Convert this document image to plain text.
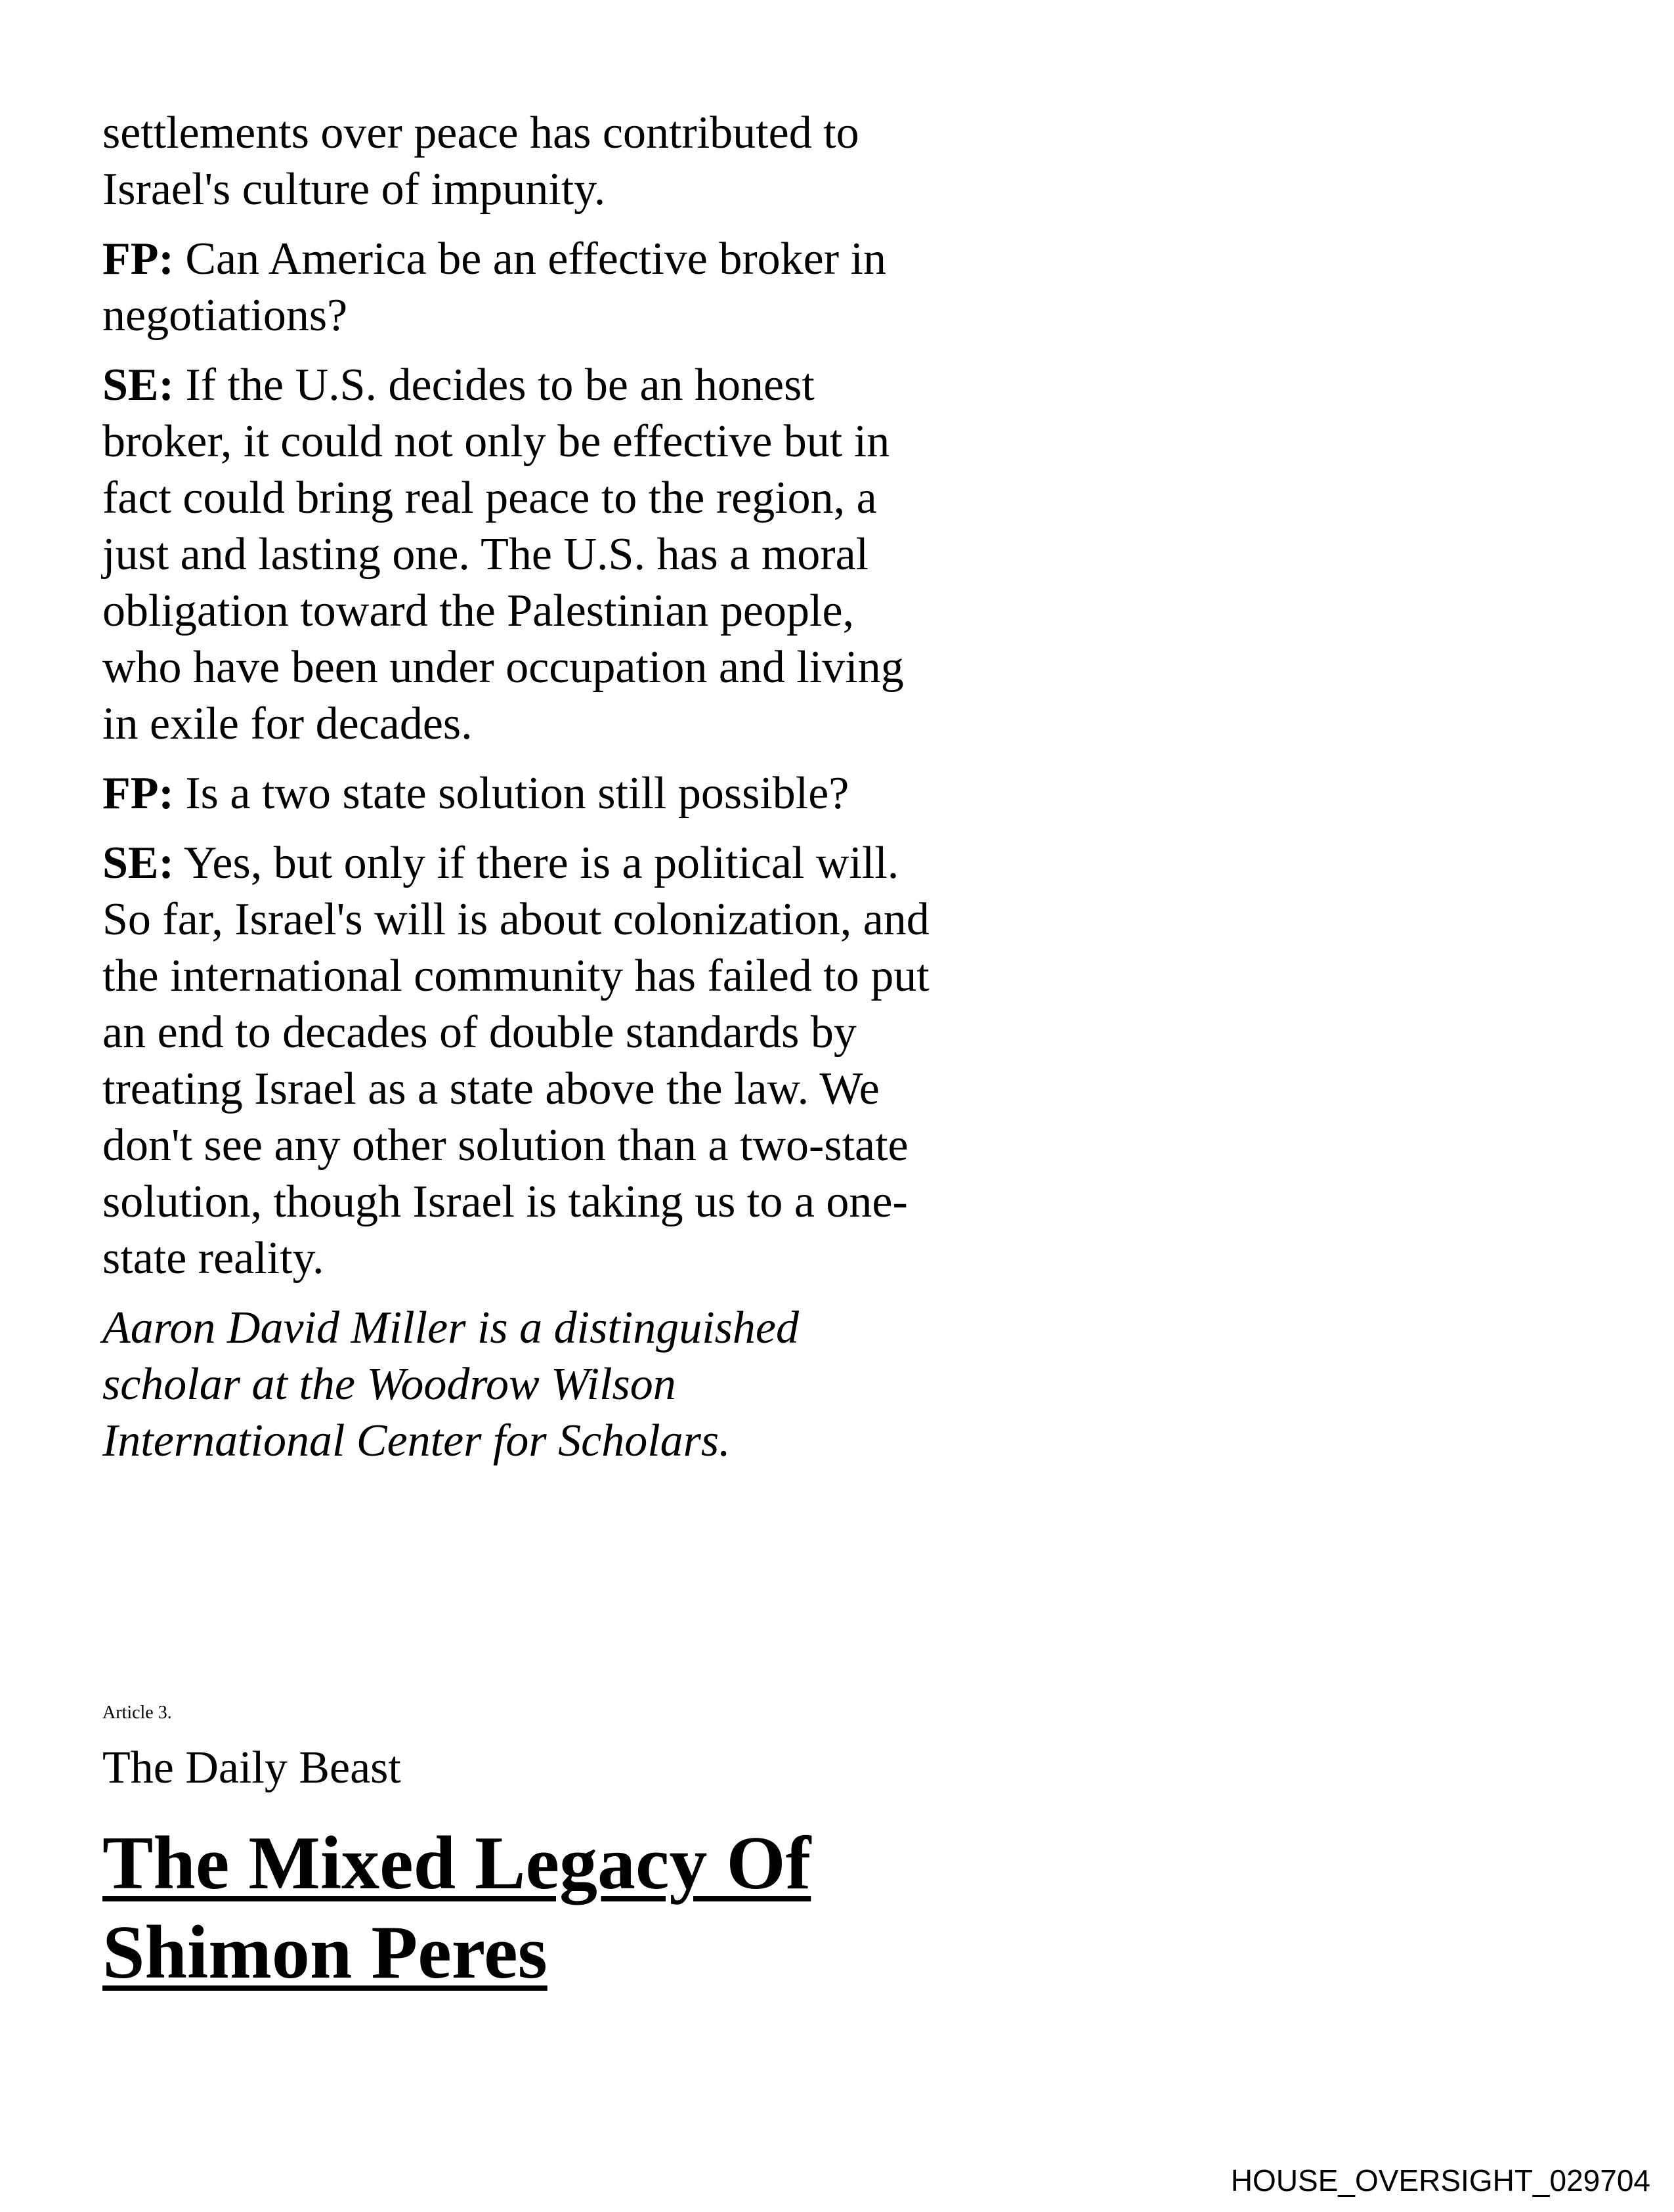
settlements over peace has contributed to Israel's culture of impunity.

FP: Can America be an effective broker in negotiations?

SE: If the U.S. decides to be an honest broker, it could not only be effective but in fact could bring real peace to the region, a just and lasting one. The U.S. has a moral obligation toward the Palestinian people, who have been under occupation and living in exile for decades.

FP: Is a two state solution still possible?

SE: Yes, but only if there is a political will. So far, Israel's will is about colonization, and the international community has failed to put an end to decades of double standards by treating Israel as a state above the law. We don't see any other solution than a two-state solution, though Israel is taking us to a one-state reality.

Aaron David Miller is a distinguished scholar at the Woodrow Wilson International Center for Scholars.

Article 3.
The Daily Beast
The Mixed Legacy Of
Shimon Peres
HOUSE_OVERSIGHT_029704
